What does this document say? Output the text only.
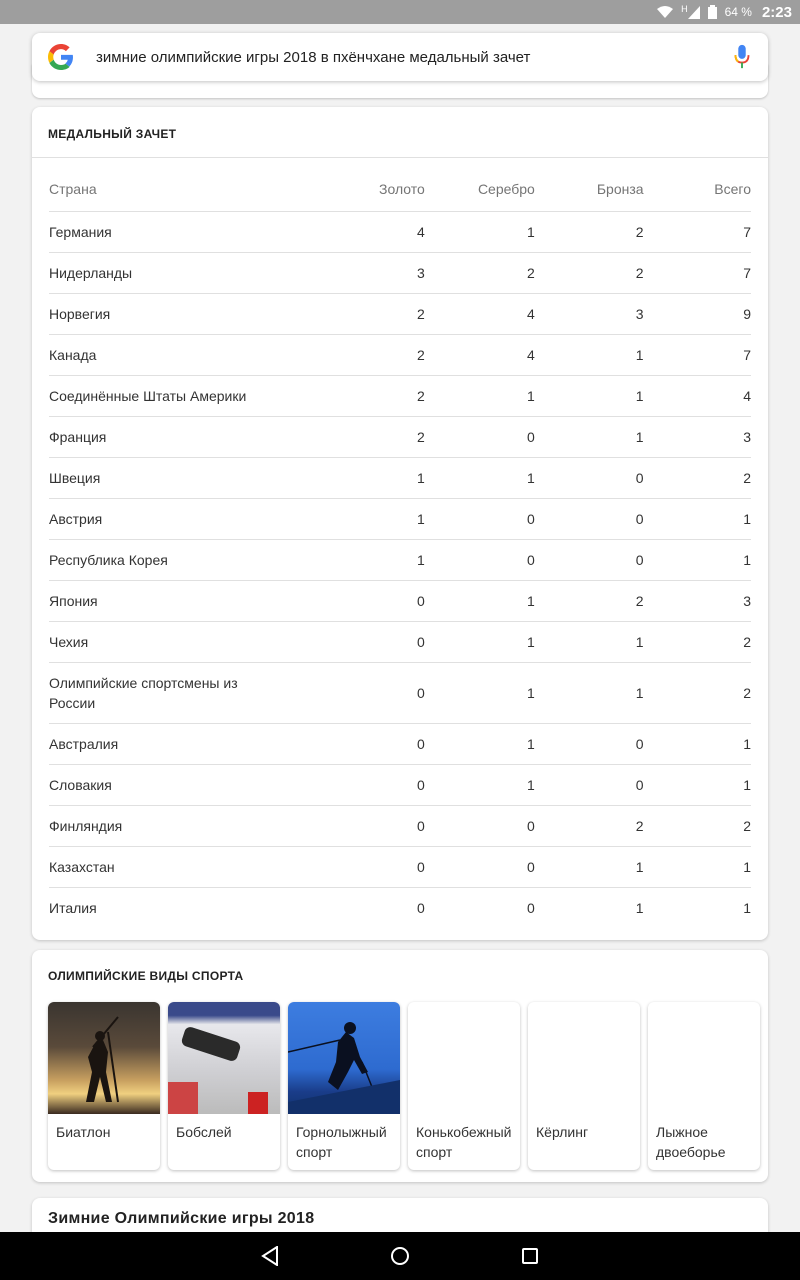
H	64 % 2:23
зимние олимпийские игры 2018 в пхёнчхане медальный зачет
МЕДАЛЬНЫЙ ЗАЧЕТ
Страна	Золото	Серебро	Бронза	Всего
Германия	4	1	2	7
Нидерланды	3	2	2	7
Норвегия	2	4	3	9
Канада	2	4	1	7
Соединённые Штаты Америки	2	1	1	4
Франция	2	0	1	3
Швеция	1	1	0	2
Австрия	1	0	0	1
Республика Корея	1	0	0	1
Япония	0	1	2	3
Чехия	0	1	1	2
Олимпийские спортсмены из России	0	1	1	2
Австралия	0	1	0	1
Словакия	0	1	0	1
Финляндия	0	0	2	2
Казахстан	0	0	1	1
Италия	0	0	1	1
ОЛИМПИЙСКИЕ ВИДЫ СПОРТА
Биатлон	Бобслей	Горнолыжный спорт
Конькобежный спорт
Кёрлинг	Лыжное двоеборье
Зимние Олимпийские игры 2018
